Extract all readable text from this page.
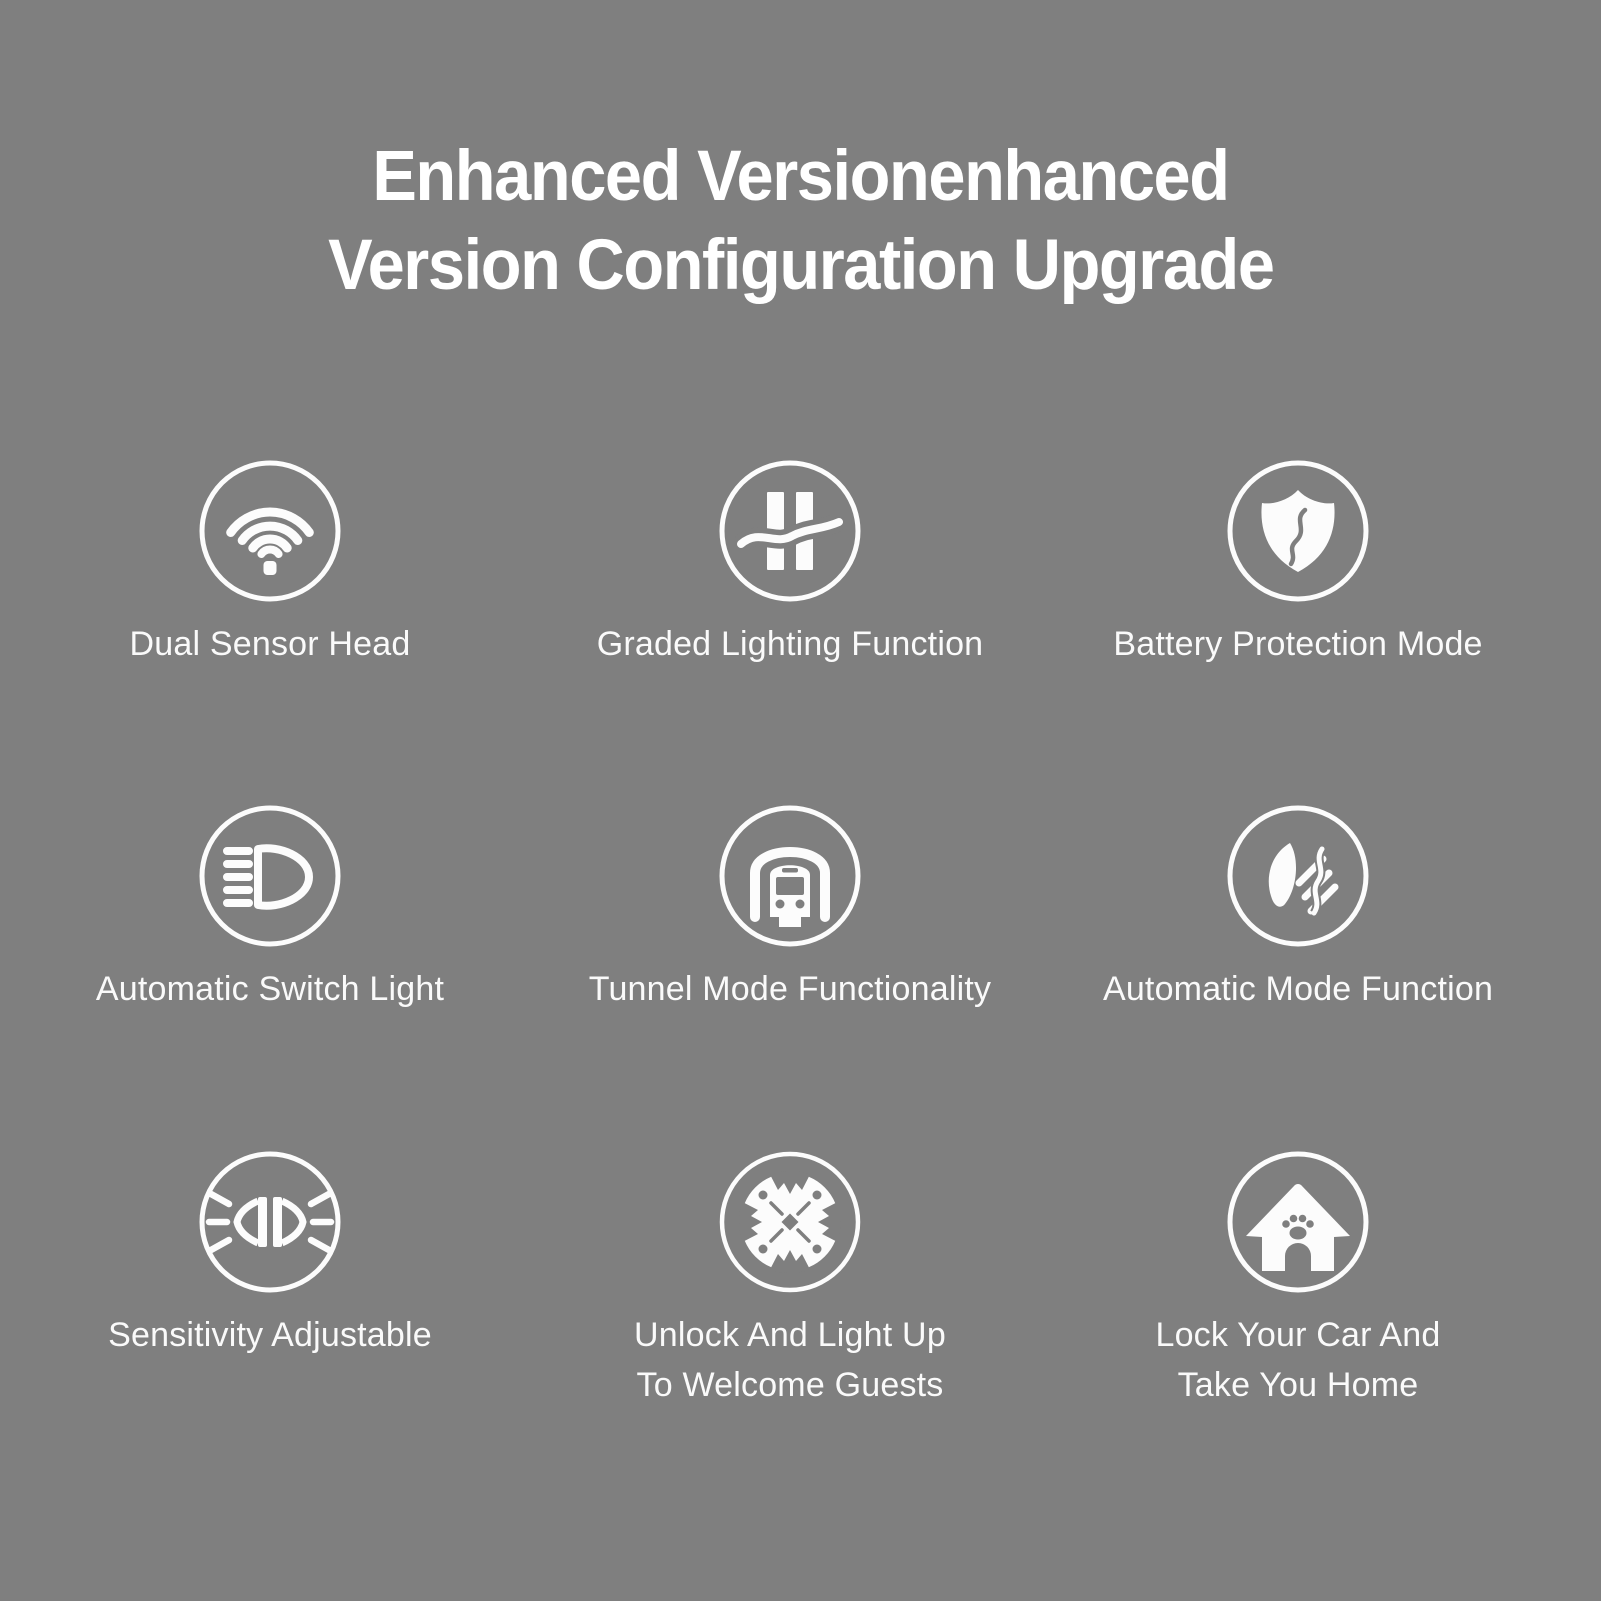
Enhanced Versionenhanced
Version Configuration Upgrade
Dual Sensor Head	Graded Lighting Function	Battery Protection Mode
Automatic Switch Light	Tunnel Mode Functionality	Automatic Mode Function
Sensitivity Adjustable	Unlock And Light Up
To Welcome Guests
Lock Your Car And
Take You Home
